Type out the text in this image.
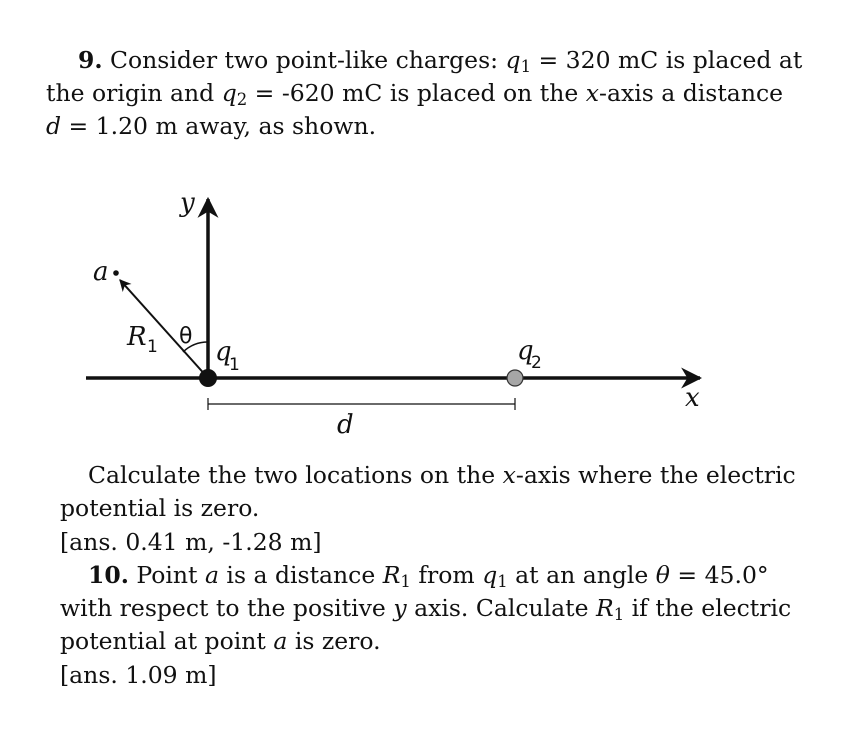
9. Consider two point-like charges: $q_1 = 320$ mC is placed at
the origin and $q_2 = -620$ mC is placed on the x-axis a distance
d = 1.20 m away, as shown.
y
x
a
R 1 θ
q
1	q
2
d
Calculate the two locations on the x-axis where the electric
potential is zero.
[ans. 0.41 m, -1.28 m]
10. Point a is a distance $R_1$ from $q_1$ at an angle θ = 45.0°
with respect to the positive y axis. Calculate $R_1$ if the electric
potential at point a is zero.
[ans. 1.09 m]
